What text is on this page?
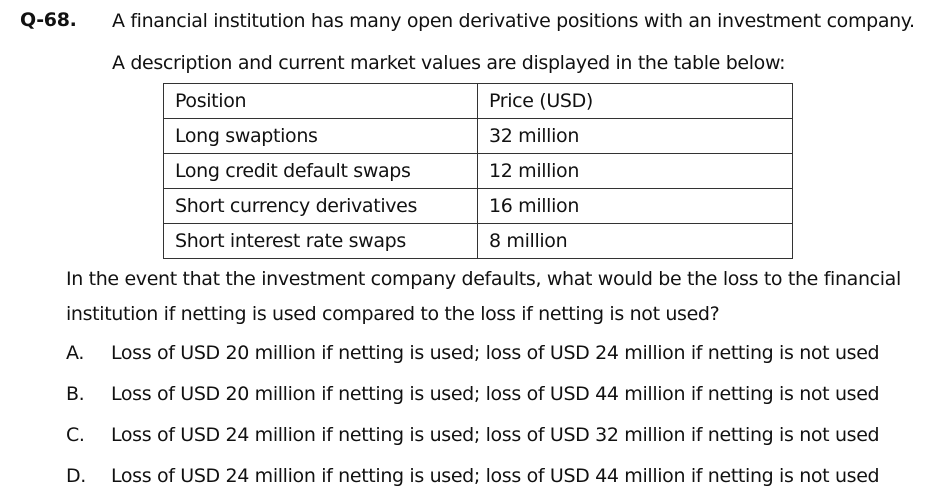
Q-68. A financial institution has many open derivative positions with an investment company.
A description and current market values are displayed in the table below:
Position	Price (USD)
Long swaptions	32 million
Long credit default swaps	12 million
Short currency derivatives	16 million
Short interest rate swaps	8 million
In the event that the investment company defaults, what would be the loss to the financial
institution if netting is used compared to the loss if netting is not used?
A. Loss of USD 20 million if netting is used; loss of USD 24 million if netting is not used
B. Loss of USD 20 million if netting is used; loss of USD 44 million if netting is not used
C. Loss of USD 24 million if netting is used; loss of USD 32 million if netting is not used
D. Loss of USD 24 million if netting is used; loss of USD 44 million if netting is not used
